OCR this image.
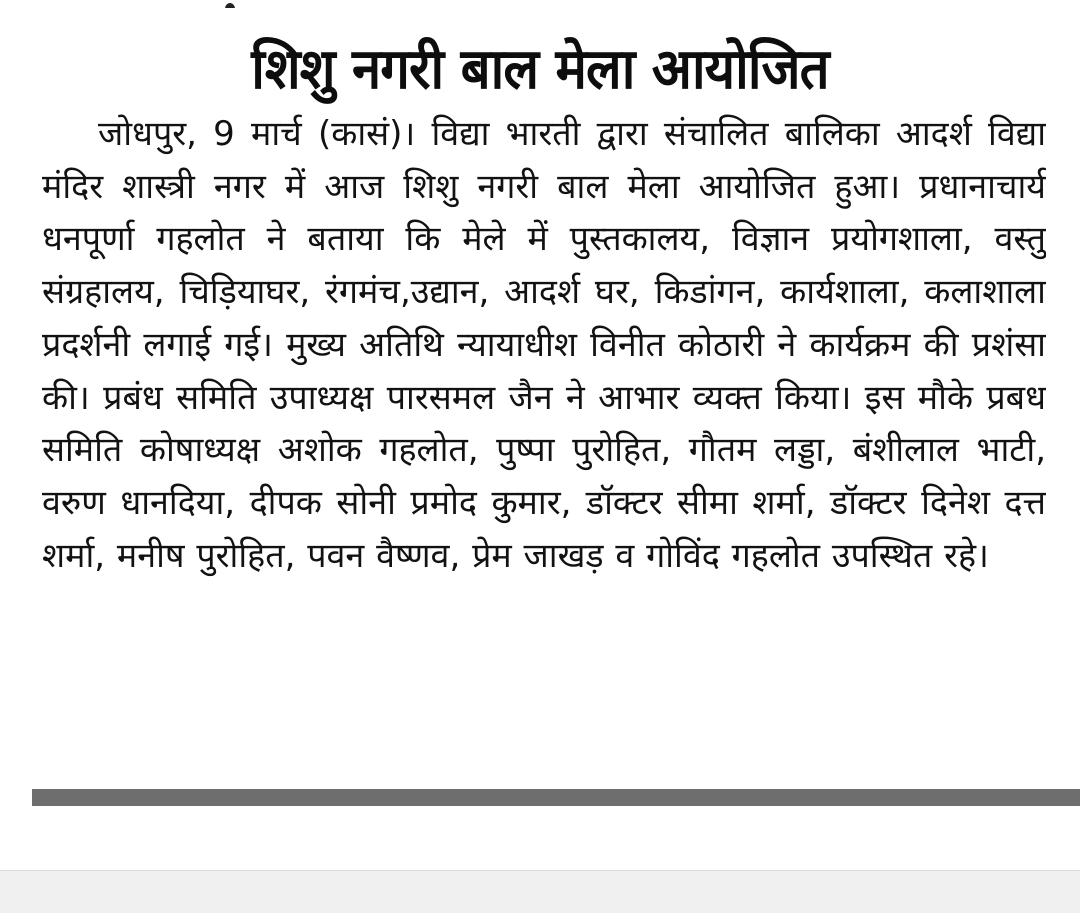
शिशु नगरी बाल मेला आयोजित

जोधपुर, 9 मार्च (कासं)। विद्या भारती द्वारा संचालित बालिका आदर्श विद्या मंदिर शास्त्री नगर में आज शिशु नगरी बाल मेला आयोजित हुआ। प्रधानाचार्य धनपूर्णा गहलोत ने बताया कि मेले में पुस्तकालय, विज्ञान प्रयोगशाला, वस्तु संग्रहालय, चिड़ियाघर, रंगमंच,उद्यान, आदर्श घर, किडांगन, कार्यशाला, कलाशाला प्रदर्शनी लगाई गई। मुख्य अतिथि न्यायाधीश विनीत कोठारी ने कार्यक्रम की प्रशंसा की। प्रबंध समिति उपाध्यक्ष पारसमल जैन ने आभार व्यक्त किया। इस मौके प्रबध समिति कोषाध्यक्ष अशोक गहलोत, पुष्पा पुरोहित, गौतम लड्डा, बंशीलाल भाटी, वरुण धानदिया, दीपक सोनी प्रमोद कुमार, डॉक्टर सीमा शर्मा, डॉक्टर दिनेश दत्त शर्मा, मनीष पुरोहित, पवन वैष्णव, प्रेम जाखड़ व गोविंद गहलोत उपस्थित रहे।
